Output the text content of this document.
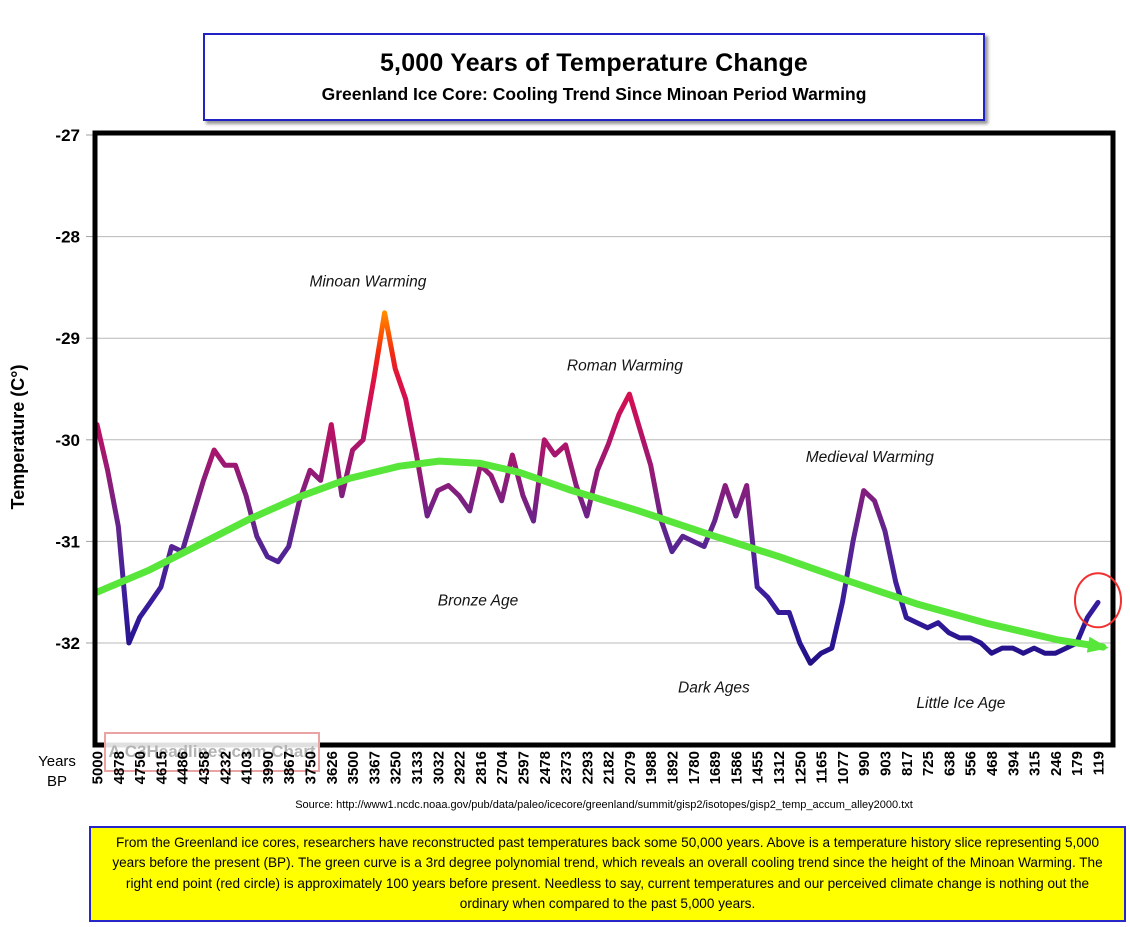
5,000 Years of Temperature Change
Greenland Ice Core: Cooling Trend Since Minoan Period Warming
Temperature (C°)
-27
-28
-29
-30
-31
-32
Minoan Warming
Roman Warming
Medieval Warming
Bronze Age
Dark Ages
Little Ice Age
A C3Headlines.com Chart
5000 4878 4750 4615 4486 4358 4232 4103 3990 3867 3750 3626 3500 3367 3250 3133 3032 2922 2816 2704 2597 2478 2373 2293 2182 2079 1988 1892 1780 1689 1586 1455 1312 1250 1165 1077 990 903 817 725 638 556 468 394 315 246 179 119
Years
BP
Source: http://www1.ncdc.noaa.gov/pub/data/paleo/icecore/greenland/summit/gisp2/isotopes/gisp2_temp_accum_alley2000.txt
From the Greenland ice cores, researchers have reconstructed past temperatures back some 50,000 years. Above is a temperature history slice representing 5,000 years before the present (BP). The green curve is a 3rd degree polynomial trend, which reveals an overall cooling trend since the height of the Minoan Warming. The right end point (red circle) is approximately 100 years before present. Needless to say, current temperatures and our perceived climate change is nothing out the ordinary when compared to the past 5,000 years.
